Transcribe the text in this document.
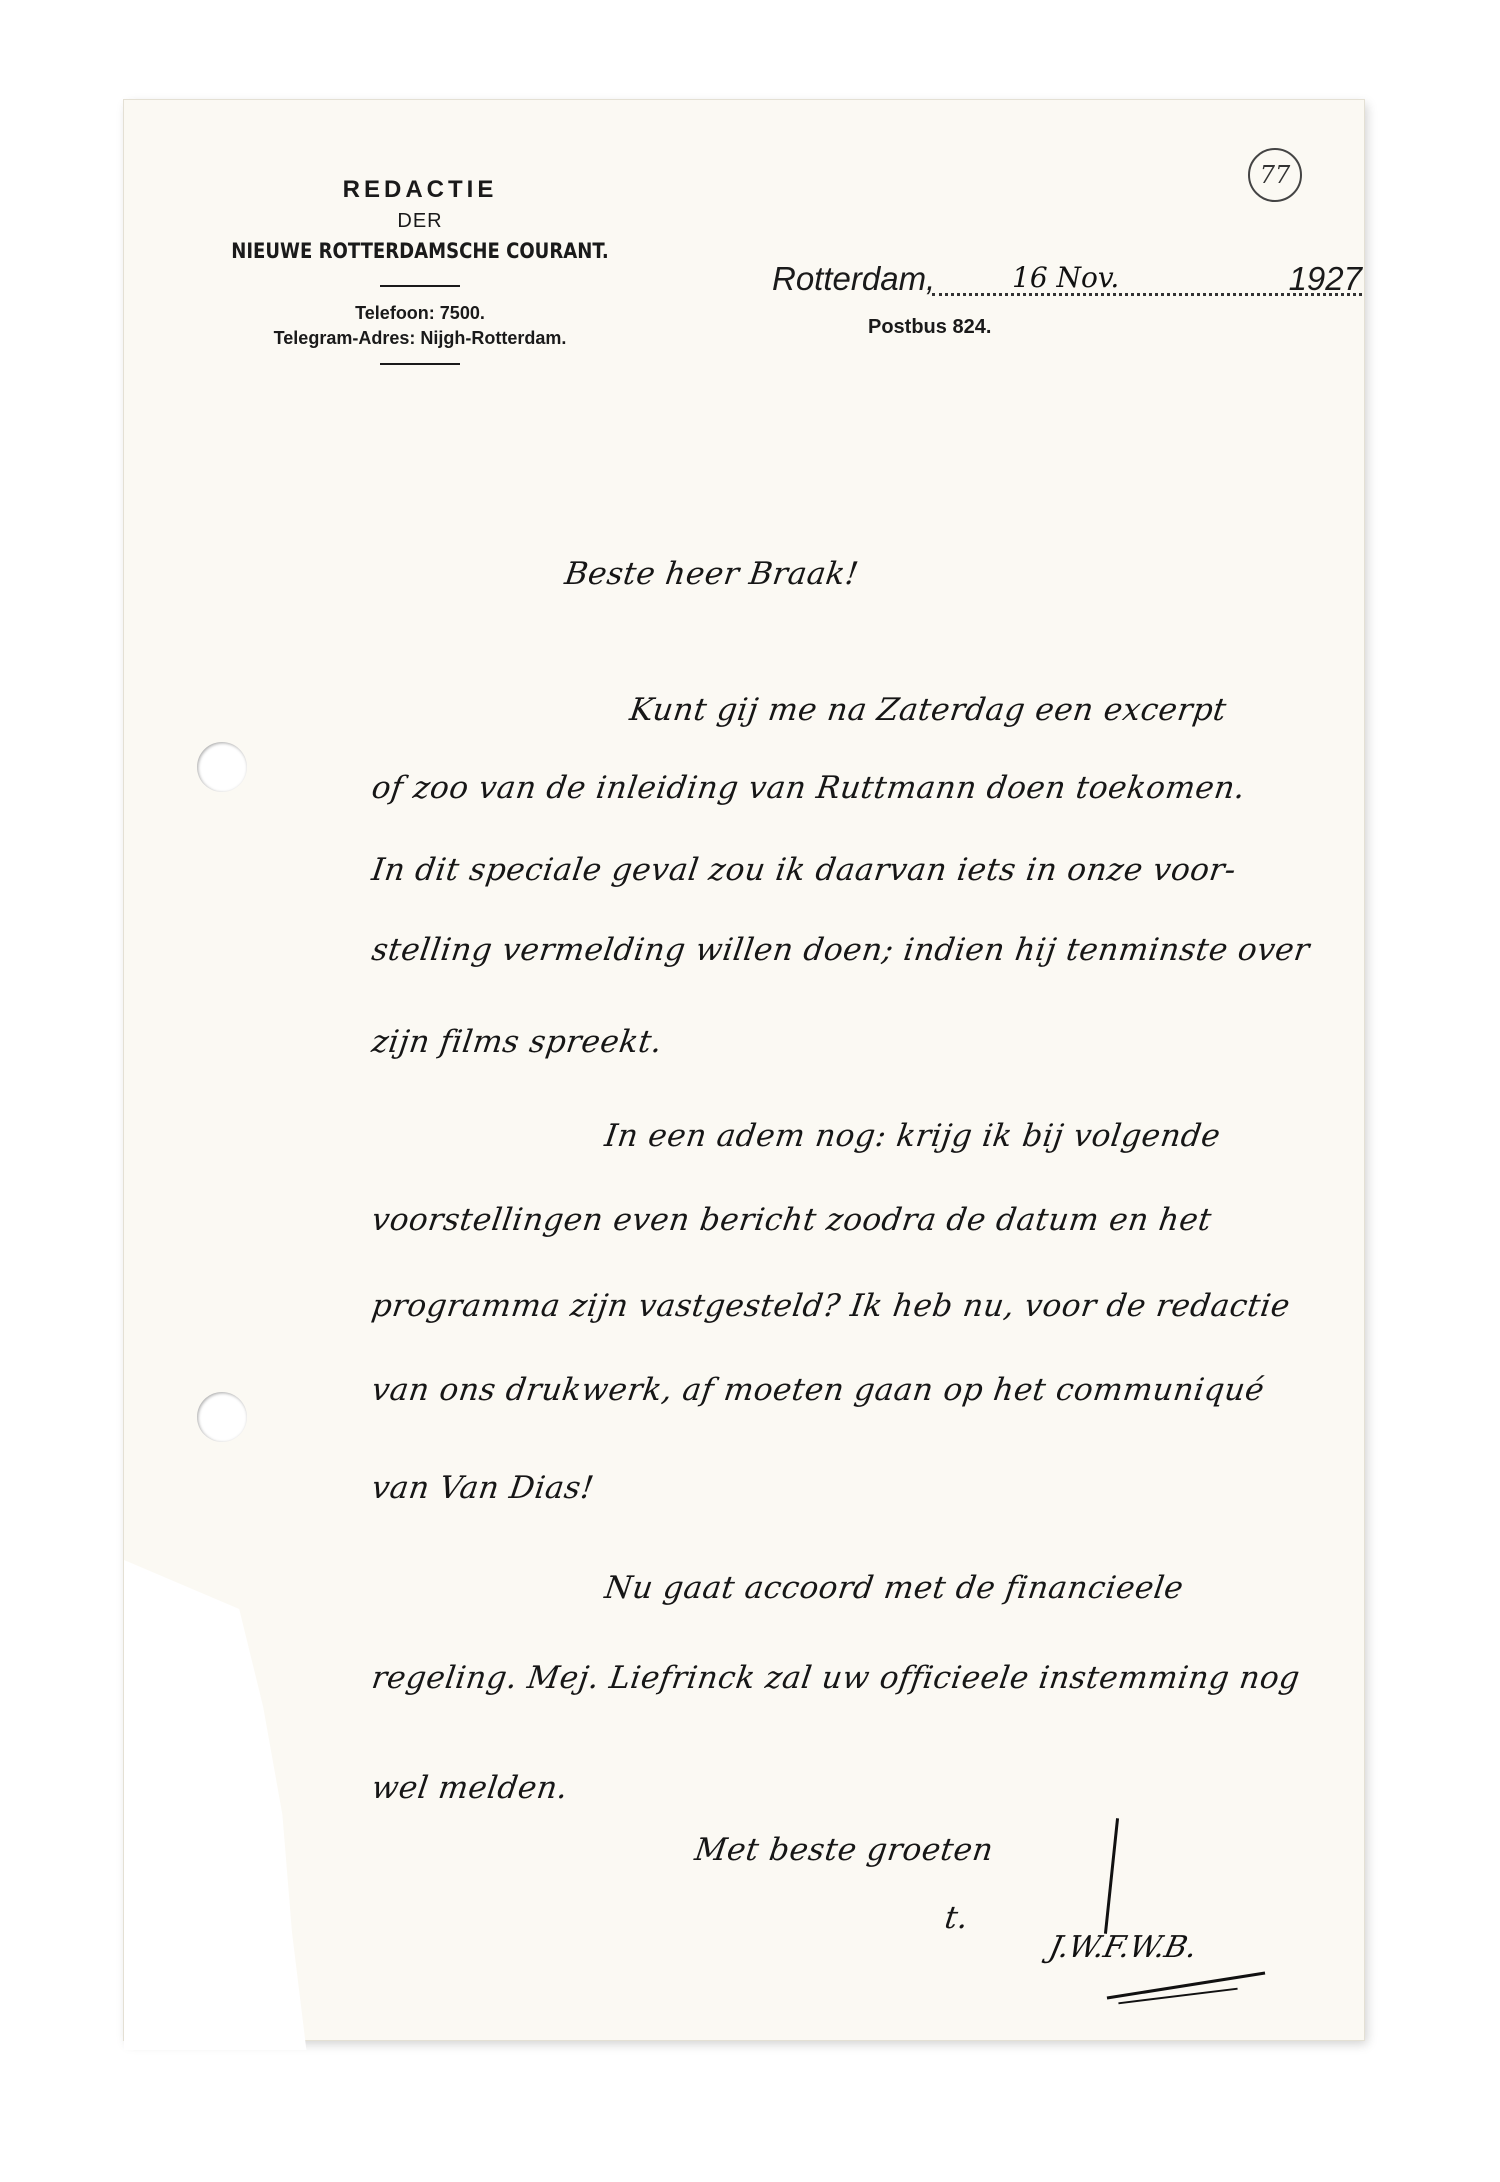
77
REDACTIE
DER
NIEUWE ROTTERDAMSCHE COURANT.
Telefoon: 7500.
Telegram-Adres: Nijgh-Rotterdam.
Rotterdam,	16 Nov.	1927
Postbus 824.
Beste heer Braak!
Kunt gij me na Zaterdag een excerpt
of zoo van de inleiding van Ruttmann doen toekomen.
In dit speciale geval zou ik daarvan iets in onze voor-
stelling vermelding willen doen; indien hij tenminste over
zijn films spreekt.
In een adem nog: krijg ik bij volgende
voorstellingen even bericht zoodra de datum en het
programma zijn vastgesteld? Ik heb nu, voor de redactie
van ons drukwerk, af moeten gaan op het communiqué
van Van Dias!
Nu gaat accoord met de financieele
regeling. Mej. Liefrinck zal uw officieele instemming nog
wel melden.
Met beste groeten
t.
J.W.F.W.B.
